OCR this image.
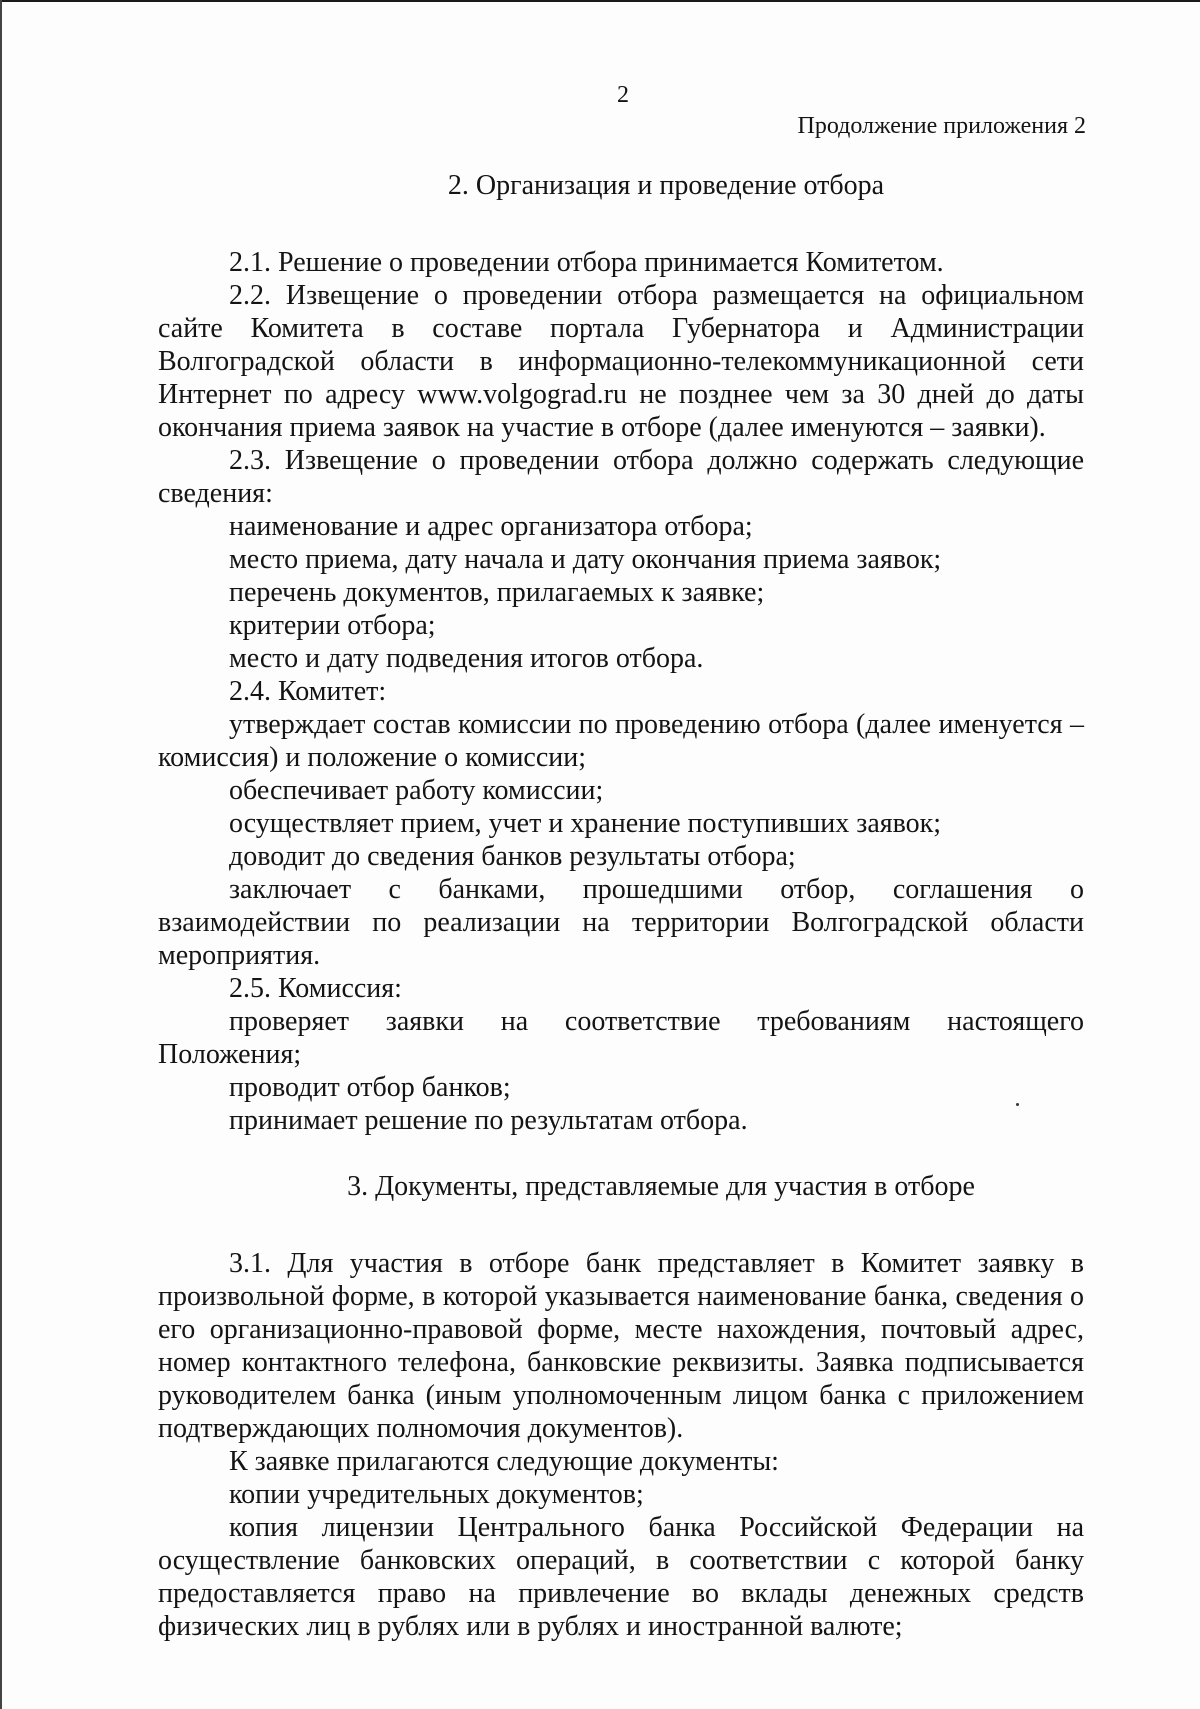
2
Продолжение приложения 2
2. Организация и проведение отбора

2.1. Решение о проведении отбора принимается Комитетом.

2.2. Извещение о проведении отбора размещается на официальном сайте Комитета в составе портала Губернатора и Администрации Волгоградской области в информационно-телекоммуникационной сети Интернет по адресу www.volgograd.ru не позднее чем за 30 дней до даты окончания приема заявок на участие в отборе (далее именуются – заявки).

2.3. Извещение о проведении отбора должно содержать следующие сведения:

наименование и адрес организатора отбора;

место приема, дату начала и дату окончания приема заявок;

перечень документов, прилагаемых к заявке;

критерии отбора;

место и дату подведения итогов отбора.

2.4. Комитет:

утверждает состав комиссии по проведению отбора (далее именуется – комиссия) и положение о комиссии;

обеспечивает работу комиссии;

осуществляет прием, учет и хранение поступивших заявок;

доводит до сведения банков результаты отбора;

заключает с банками, прошедшими отбор, соглашения о взаимодействии по реализации на территории Волгоградской области мероприятия.

2.5. Комиссия:

проверяет заявки на соответствие требованиям настоящего Положения;

проводит отбор банков;

принимает решение по результатам отбора.

3. Документы, представляемые для участия в отборе

3.1. Для участия в отборе банк представляет в Комитет заявку в произвольной форме, в которой указывается наименование банка, сведения о его организационно-правовой форме, месте нахождения, почтовый адрес, номер контактного телефона, банковские реквизиты. Заявка подписывается руководителем банка (иным уполномоченным лицом банка с приложением подтверждающих полномочия документов).

К заявке прилагаются следующие документы:

копии учредительных документов;

копия лицензии Центрального банка Российской Федерации на осуществление банковских операций, в соответствии с которой банку предоставляется право на привлечение во вклады денежных средств физических лиц в рублях или в рублях и иностранной валюте;
